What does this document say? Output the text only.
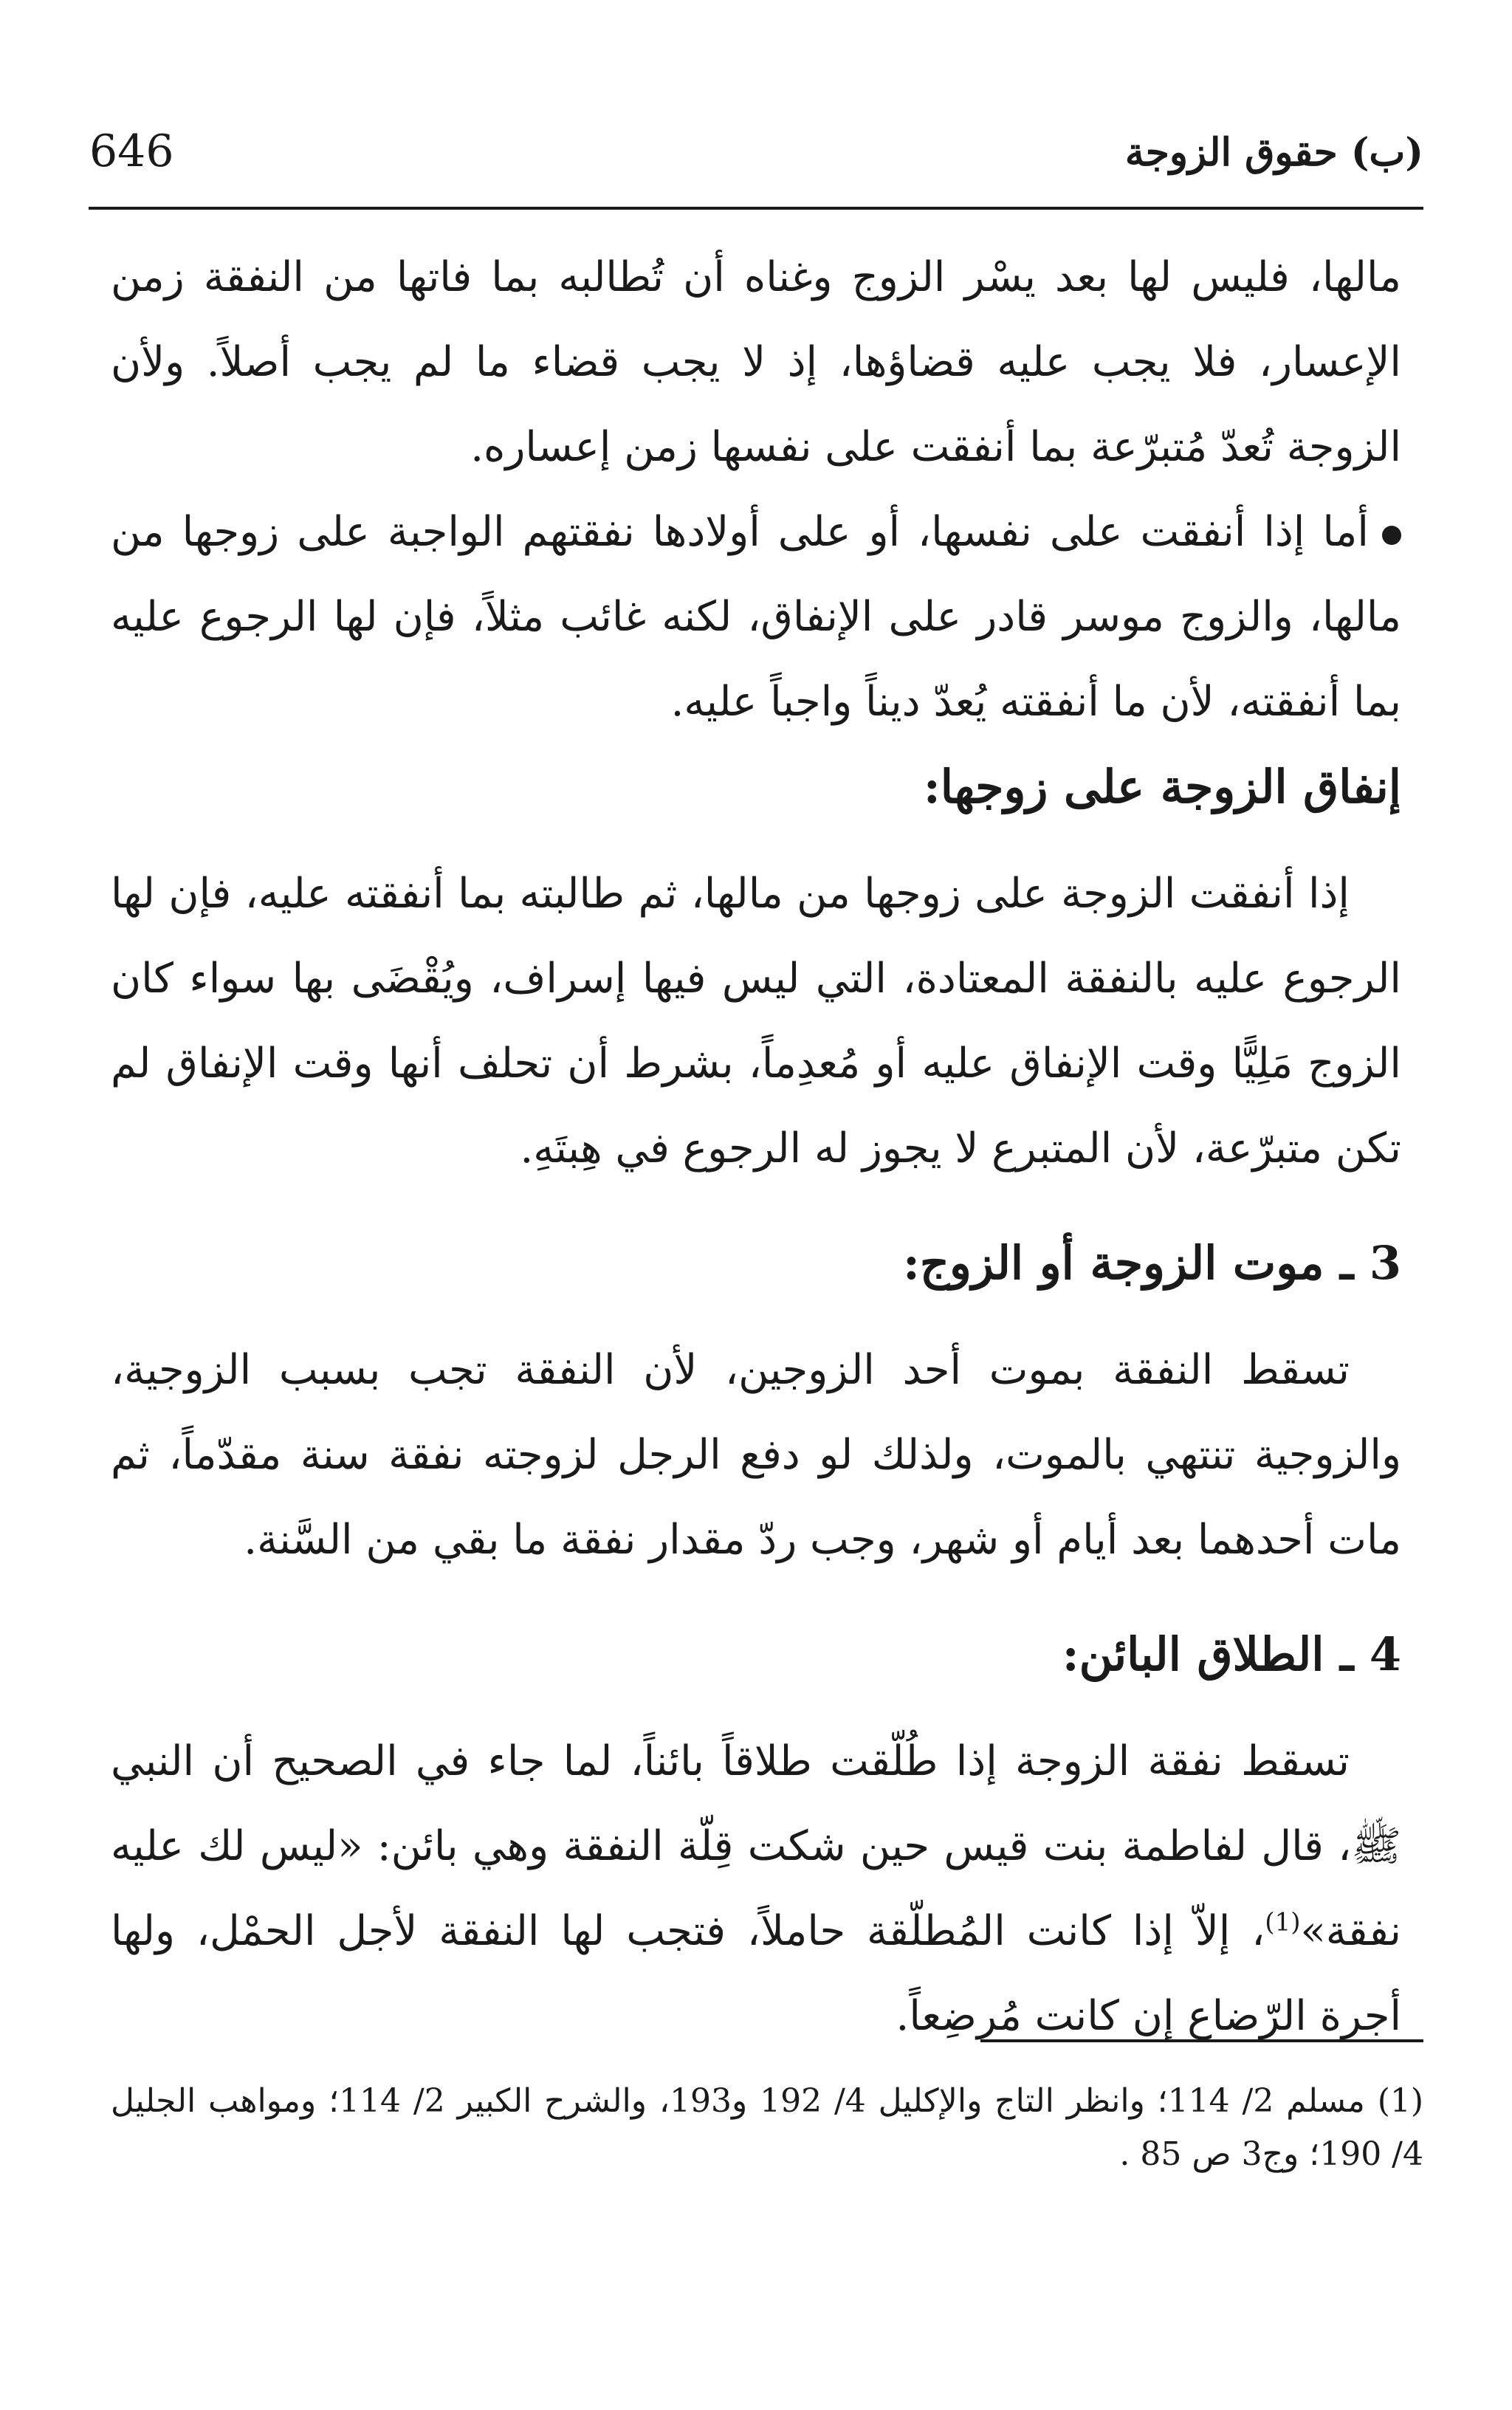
646	(ب) حقوق الزوجة

مالها، فليس لها بعد يسْر الزوج وغناه أن تُطالبه بما فاتها من النفقة زمن الإعسار، فلا يجب عليه قضاؤها، إذ لا يجب قضاء ما لم يجب أصلاً. ولأن الزوجة تُعدّ مُتبرّعة بما أنفقت على نفسها زمن إعساره.

أما إذا أنفقت على نفسها، أو على أولادها نفقتهم الواجبة على زوجها من مالها، والزوج موسر قادر على الإنفاق، لكنه غائب مثلاً، فإن لها الرجوع عليه بما أنفقته، لأن ما أنفقته يُعدّ ديناً واجباً عليه.

إنفاق الزوجة على زوجها:

إذا أنفقت الزوجة على زوجها من مالها، ثم طالبته بما أنفقته عليه، فإن لها الرجوع عليه بالنفقة المعتادة، التي ليس فيها إسراف، ويُقْضَى بها سواء كان الزوج مَلِيًّا وقت الإنفاق عليه أو مُعدِماً، بشرط أن تحلف أنها وقت الإنفاق لم تكن متبرّعة، لأن المتبرع لا يجوز له الرجوع في هِبتَهِ.

3 ـ موت الزوجة أو الزوج:

تسقط النفقة بموت أحد الزوجين، لأن النفقة تجب بسبب الزوجية، والزوجية تنتهي بالموت، ولذلك لو دفع الرجل لزوجته نفقة سنة مقدّماً، ثم مات أحدهما بعد أيام أو شهر، وجب ردّ مقدار نفقة ما بقي من السَّنة.

4 ـ الطلاق البائن:

تسقط نفقة الزوجة إذا طُلّقت طلاقاً بائناً، لما جاء في الصحيح أن النبي ﷺ، قال لفاطمة بنت قيس حين شكت قِلّة النفقة وهي بائن: «ليس لك عليه نفقة»$^{(1)}$، إلاّ إذا كانت المُطلّقة حاملاً، فتجب لها النفقة لأجل الحمْل، ولها أجرة الرّضاع إن كانت مُرضِعاً.

(1) مسلم 2/ 114؛ وانظر التاج والإكليل 4/ 192 و193، والشرح الكبير 2/ 114؛ ومواهب الجليل 4/ 190؛ وج3 ص 85 .
